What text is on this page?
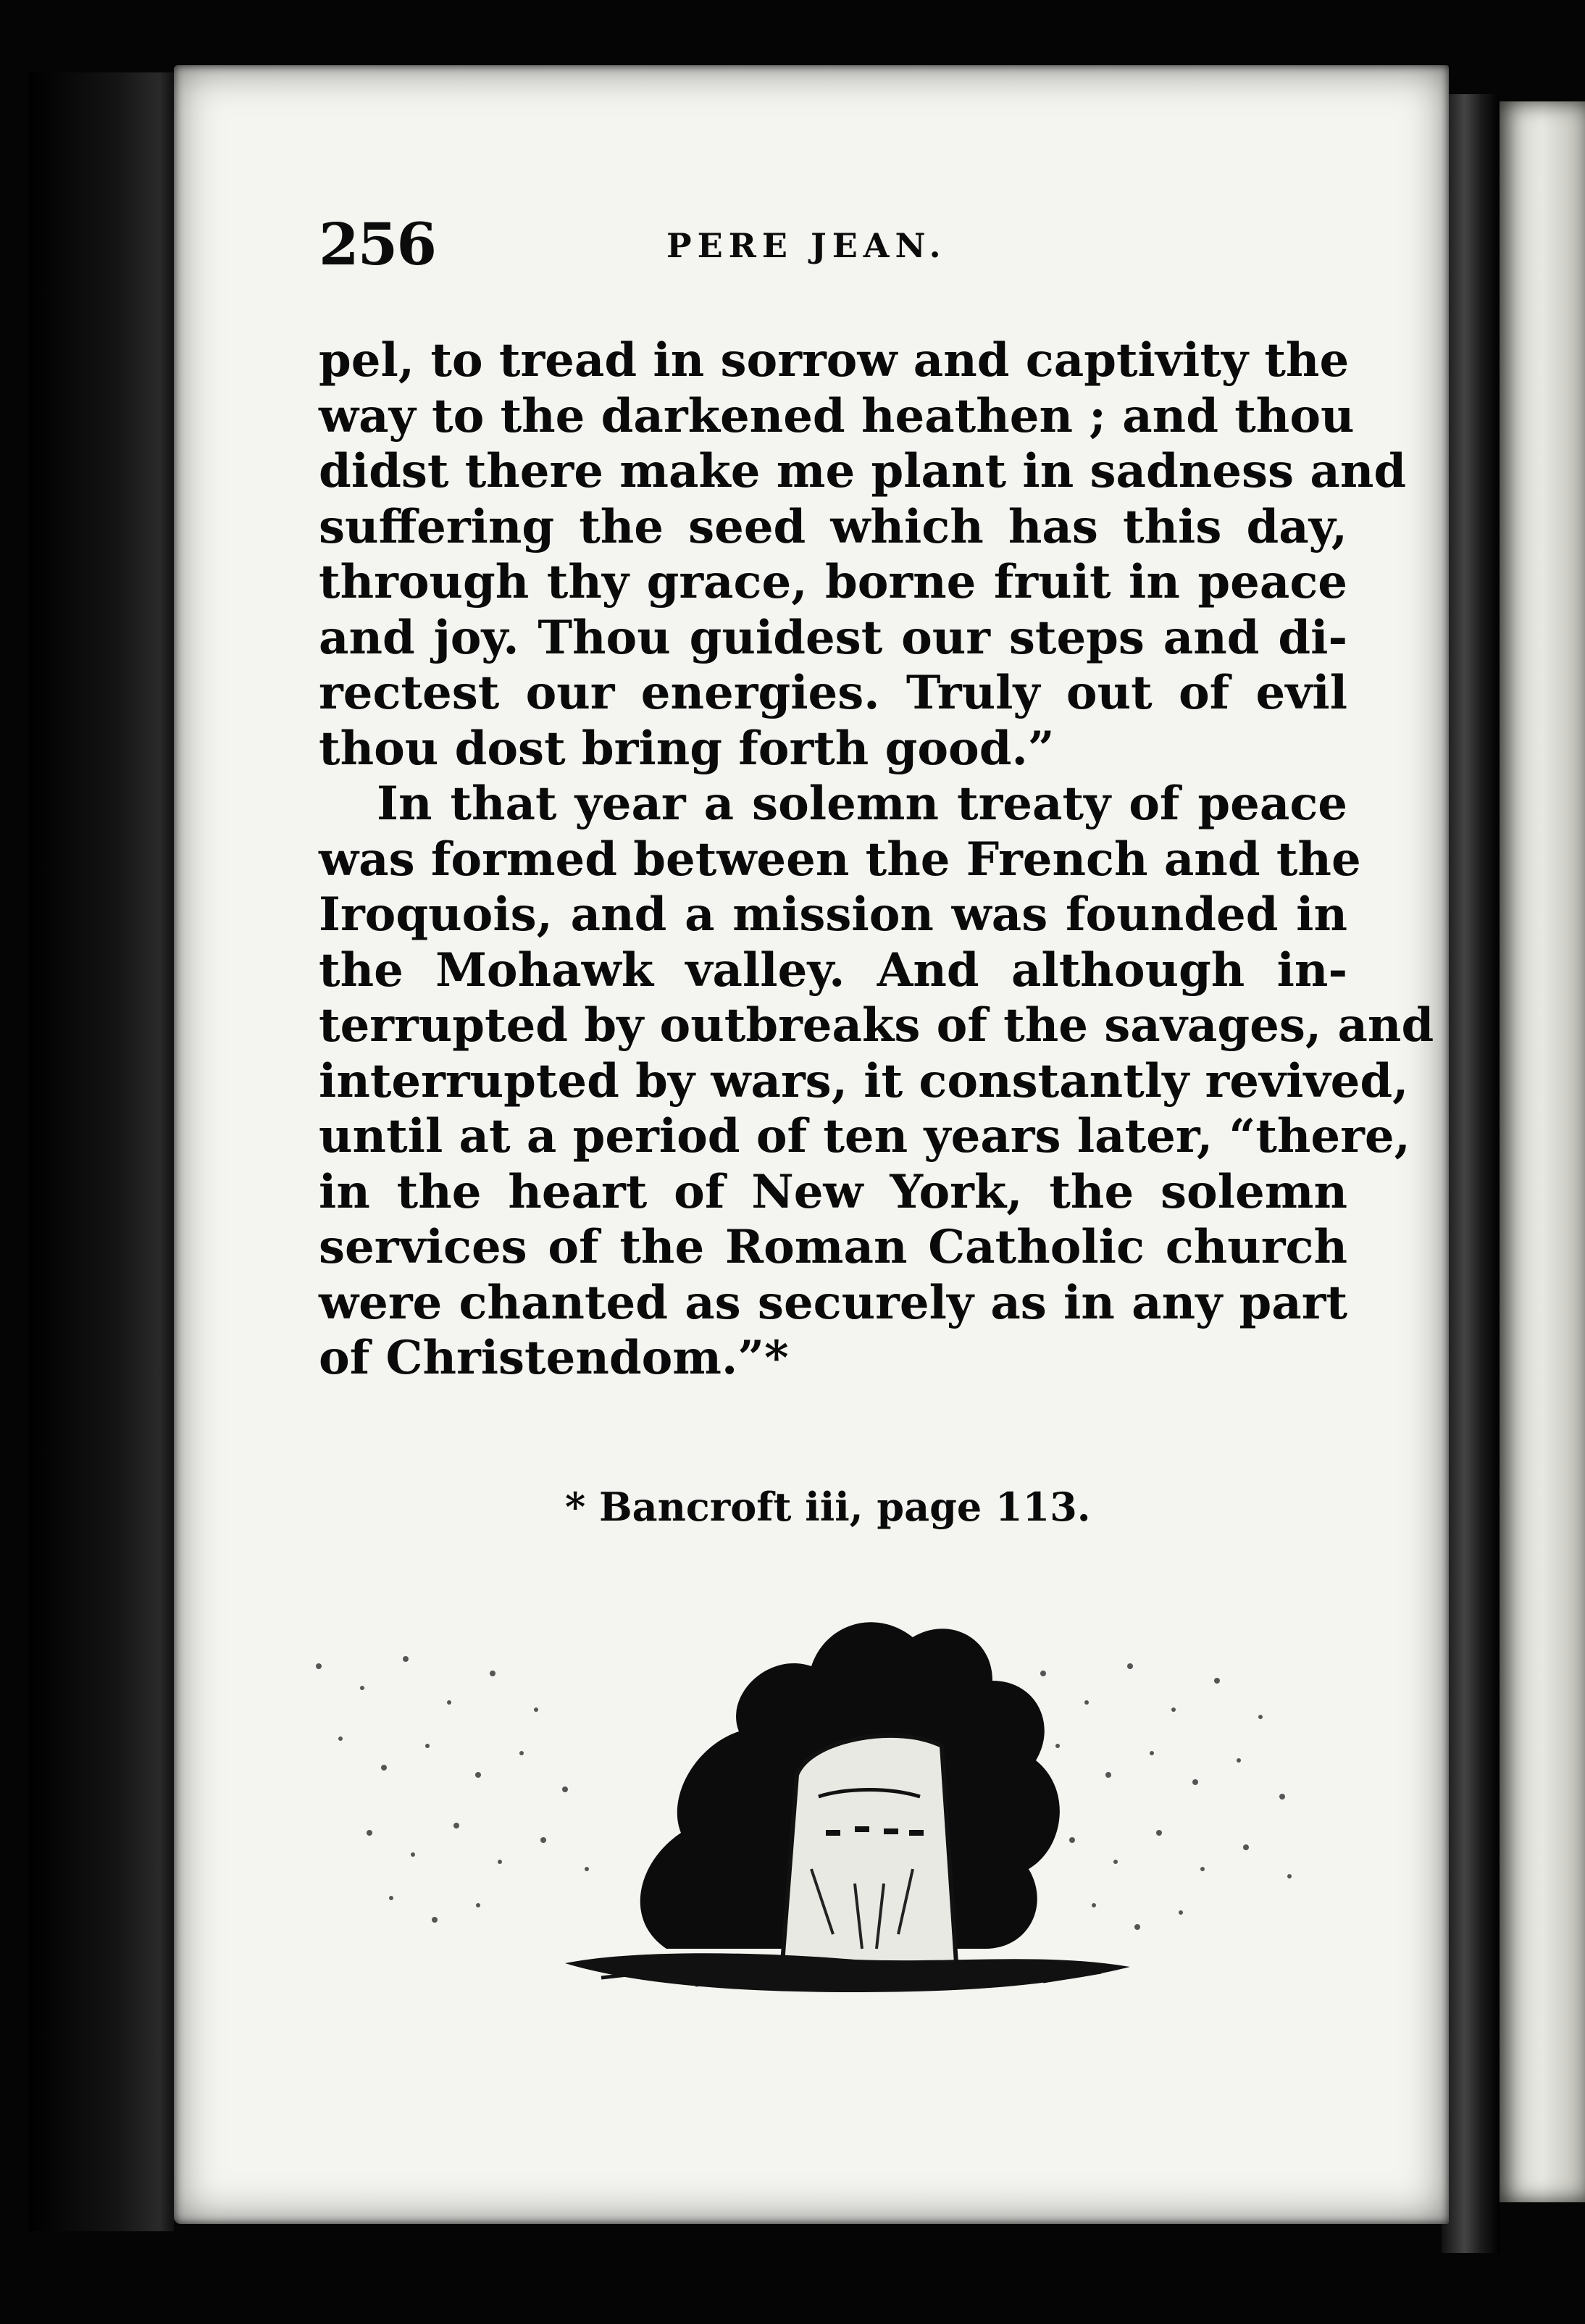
256	PERE JEAN.
pel, to tread in sorrow and captivity the
way to the darkened heathen ; and thou
didst there make me plant in sadness and
suffering the seed which has this day,
through thy grace, borne fruit in peace
and joy. Thou guidest our steps and di-
rectest our energies. Truly out of evil
thou dost bring forth good.”
In that year a solemn treaty of peace
was formed between the French and the
Iroquois, and a mission was founded in
the Mohawk valley. And although in-
terrupted by outbreaks of the savages, and
interrupted by wars, it constantly revived,
until at a period of ten years later, “there,
in the heart of New York, the solemn
services of the Roman Catholic church
were chanted as securely as in any part
of Christendom.”*
* Bancroft iii, page 113.
